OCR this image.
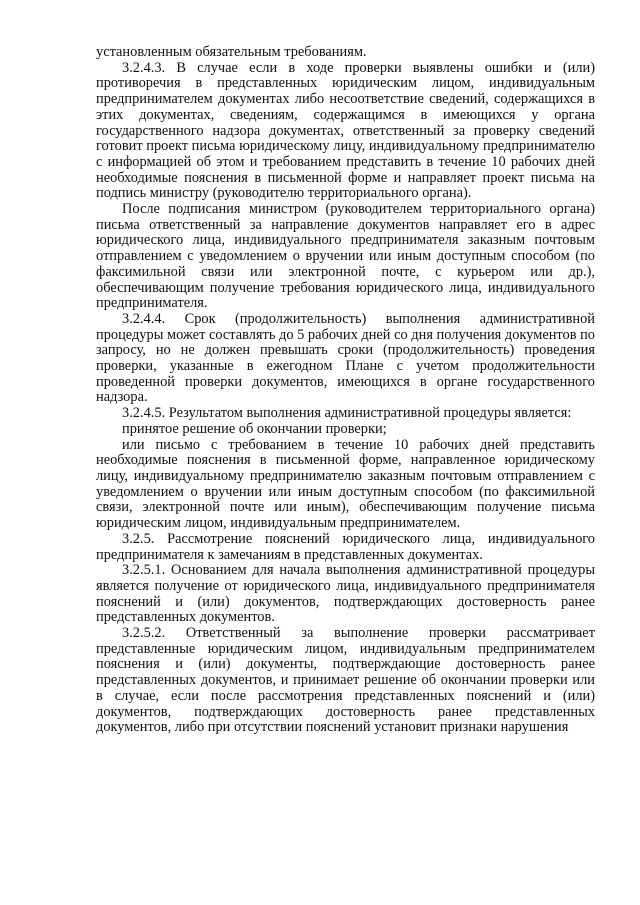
установленным обязательным требованиям.

3.2.4.3. В случае если в ходе проверки выявлены ошибки и (или) противоречия в представленных юридическим лицом, индивидуальным предпринимателем документах либо несоответствие сведений, содержащихся в этих документах, сведениям, содержащимся в имеющихся у органа государственного надзора документах, ответственный за проверку сведений готовит проект письма юридическому лицу, индивидуальному предпринимателю с информацией об этом и требованием представить в течение 10 рабочих дней необходимые пояснения в письменной форме и направляет проект письма на подпись министру (руководителю территориального органа).

После подписания министром (руководителем территориального органа) письма ответственный за направление документов направляет его в адрес юридического лица, индивидуального предпринимателя заказным почтовым отправлением с уведомлением о вручении или иным доступным способом (по факсимильной связи или электронной почте, с курьером или др.), обеспечивающим получение требования юридического лица, индивидуального предпринимателя.

3.2.4.4. Срок (продолжительность) выполнения административной процедуры может составлять до 5 рабочих дней со дня получения документов по запросу, но не должен превышать сроки (продолжительность) проведения проверки, указанные в ежегодном Плане с учетом продолжительности проведенной проверки документов, имеющихся в органе государственного надзора.

3.2.4.5. Результатом выполнения административной процедуры является:

принятое решение об окончании проверки;

или письмо с требованием в течение 10 рабочих дней представить необходимые пояснения в письменной форме, направленное юридическому лицу, индивидуальному предпринимателю заказным почтовым отправлением с уведомлением о вручении или иным доступным способом (по факсимильной связи, электронной почте или иным), обеспечивающим получение письма юридическим лицом, индивидуальным предпринимателем.

3.2.5. Рассмотрение пояснений юридического лица, индивидуального предпринимателя к замечаниям в представленных документах.

3.2.5.1. Основанием для начала выполнения административной процедуры является получение от юридического лица, индивидуального предпринимателя пояснений и (или) документов, подтверждающих достоверность ранее представленных документов.

3.2.5.2. Ответственный за выполнение проверки рассматривает представленные юридическим лицом, индивидуальным предпринимателем пояснения и (или) документы, подтверждающие достоверность ранее представленных документов, и принимает решение об окончании проверки или в случае, если после рассмотрения представленных пояснений и (или) документов, подтверждающих достоверность ранее представленных документов, либо при отсутствии пояснений установит признаки нарушения
